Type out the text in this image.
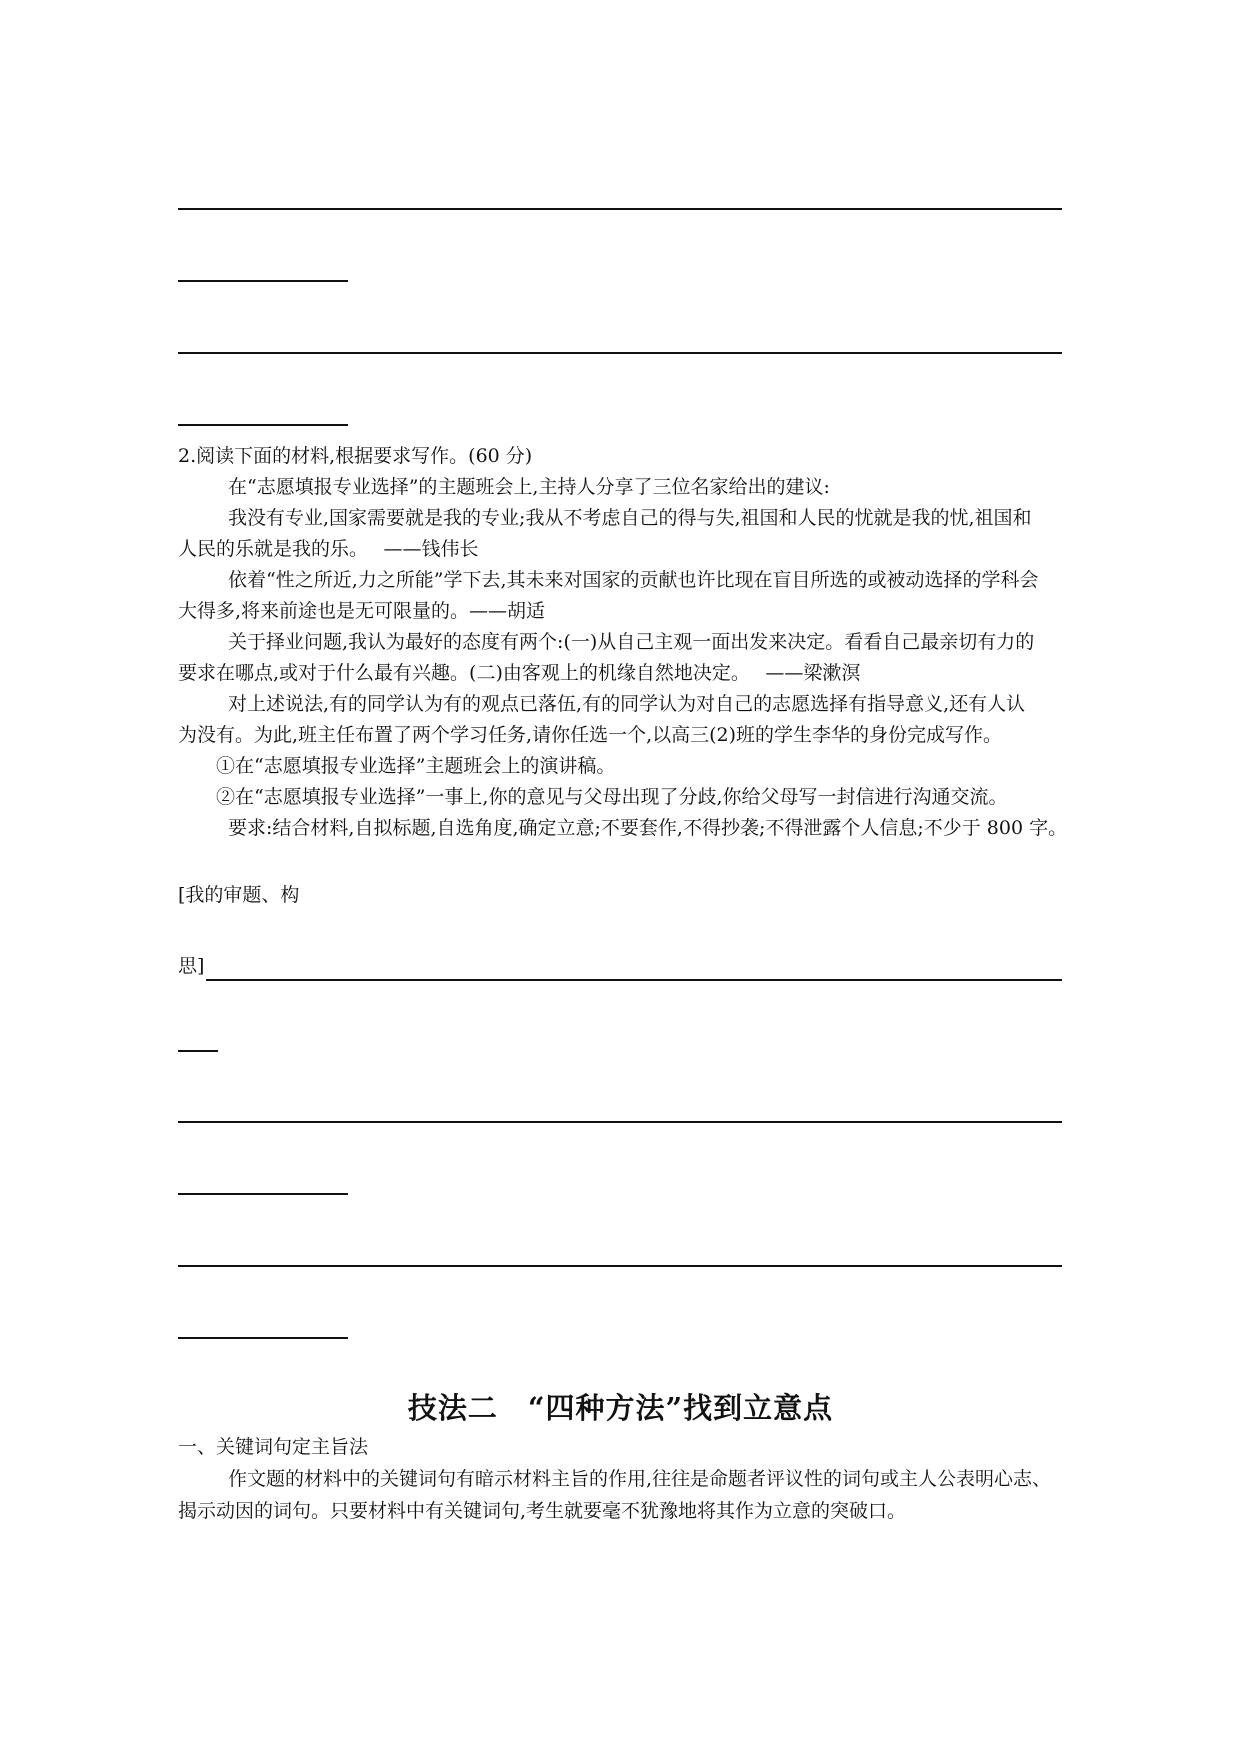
2.阅读下面的材料,根据要求写作。(60 分)
在“志愿填报专业选择”的主题班会上,主持人分享了三位名家给出的建议:
我没有专业,国家需要就是我的专业;我从不考虑自己的得与失,祖国和人民的忧就是我的忧,祖国和
人民的乐就是我的乐。　 ——钱伟长
依着“性之所近,力之所能”学下去,其未来对国家的贡献也许比现在盲目所选的或被动选择的学科会
大得多,将来前途也是无可限量的。——胡适
关于择业问题,我认为最好的态度有两个:(一)从自己主观一面出发来决定。看看自己最亲切有力的
要求在哪点,或对于什么最有兴趣。(二)由客观上的机缘自然地决定。　 ——梁漱溟
对上述说法,有的同学认为有的观点已落伍,有的同学认为对自己的志愿选择有指导意义,还有人认
为没有。为此,班主任布置了两个学习任务,请你任选一个,以高三(2)班的学生李华的身份完成写作。
①在“志愿填报专业选择”主题班会上的演讲稿。
②在“志愿填报专业选择”一事上,你的意见与父母出现了分歧,你给父母写一封信进行沟通交流。
要求:结合材料,自拟标题,自选角度,确定立意;不要套作,不得抄袭;不得泄露个人信息;不少于 800 字。
[我的审题、构
思]
技法二　“四种方法”找到立意点
一、关键词句定主旨法
作文题的材料中的关键词句有暗示材料主旨的作用,往往是命题者评议性的词句或主人公表明心志、
揭示动因的词句。只要材料中有关键词句,考生就要毫不犹豫地将其作为立意的突破口。
